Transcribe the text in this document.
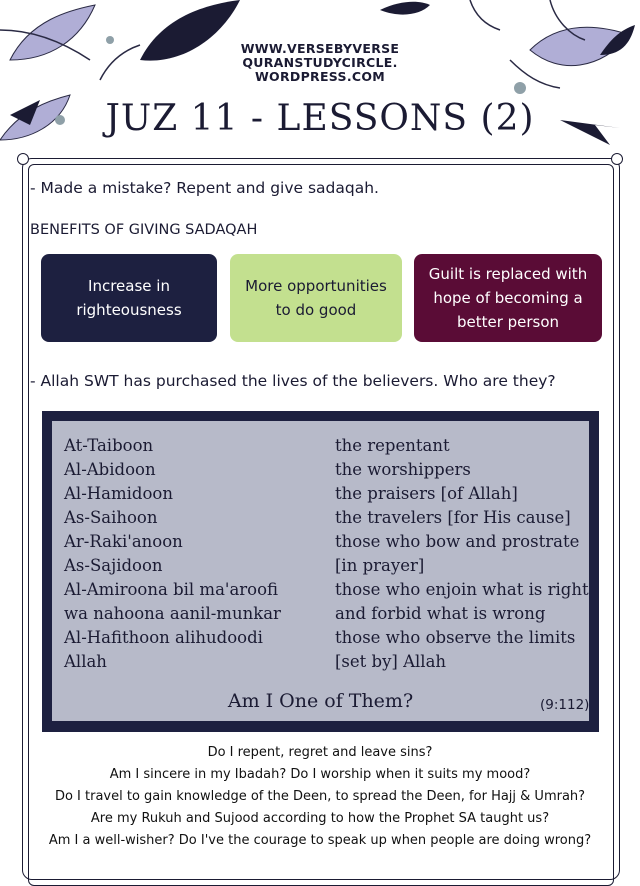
WWW.VERSEBYVERSE
QURANSTUDYCIRCLE.
WORDPRESS.COM
JUZ 11 - LESSONS (2)
- Made a mistake? Repent and give sadaqah.
BENEFITS OF GIVING SADAQAH
Increase in righteousness
More opportunities to do good
Guilt is replaced with hope of becoming a better person
- Allah SWT has purchased the lives of the believers. Who are they?
At-Taiboon
Al-Abidoon
Al-Hamidoon
As-Saihoon
Ar-Raki'anoon
As-Sajidoon
Al-Amiroona bil ma'aroofi
wa nahoona aanil-munkar
Al-Hafithoon alihudoodi
Allah
the repentant
the worshippers
the praisers [of Allah]
the travelers [for His cause]
those who bow and prostrate
[in prayer]
those who enjoin what is right
and forbid what is wrong
those who observe the limits
[set by] Allah
Am I One of Them?	(9:112)
Do I repent, regret and leave sins?
Am I sincere in my Ibadah? Do I worship when it suits my mood?
Do I travel to gain knowledge of the Deen, to spread the Deen, for Hajj & Umrah?
Are my Rukuh and Sujood according to how the Prophet SA taught us?
Am I a well-wisher? Do I've the courage to speak up when people are doing wrong?
